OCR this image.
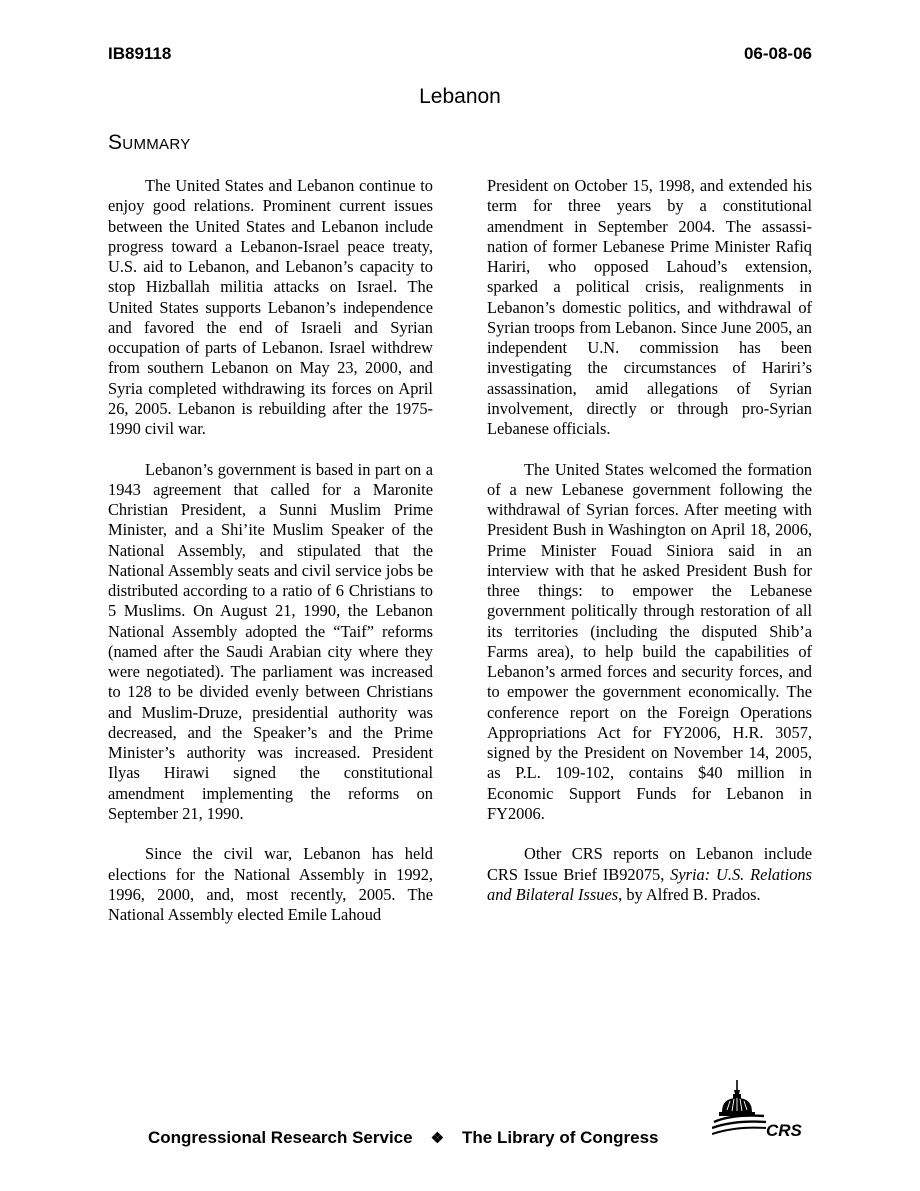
IB89118	06-08-06
Lebanon
Summary

The United States and Lebanon continue to enjoy good relations. Prominent current issues between the United States and Lebanon include progress toward a Lebanon-Israel peace treaty, U.S. aid to Lebanon, and Lebanon’s capacity to stop Hizballah militia attacks on Israel. The United States supports Lebanon’s independence and favored the end of Israeli and Syrian occupation of parts of Lebanon. Israel withdrew from southern Lebanon on May 23, 2000, and Syria completed withdrawing its forces on April 26, 2005. Lebanon is rebuilding after the 1975-1990 civil war.

Lebanon’s government is based in part on a 1943 agreement that called for a Maronite Christian President, a Sunni Muslim Prime Minister, and a Shi’ite Muslim Speaker of the National Assembly, and stipulated that the National Assembly seats and civil service jobs be distributed according to a ratio of 6 Christians to 5 Muslims. On August 21, 1990, the Lebanon National Assembly adopted the “Taif” reforms (named after the Saudi Arabian city where they were negotiated). The parliament was increased to 128 to be divided evenly between Christians and Muslim-Druze, presidential authority was decreased, and the Speaker’s and the Prime Minister’s authority was increased. President Ilyas Hirawi signed the constitutional amendment implementing the reforms on September 21, 1990.

Since the civil war, Lebanon has held elections for the National Assembly in 1992, 1996, 2000, and, most recently, 2005. The National Assembly elected Emile Lahoud

President on October 15, 1998, and extended his term for three years by a constitutional amendment in September 2004. The assassination of former Lebanese Prime Minister Rafiq Hariri, who opposed Lahoud’s extension, sparked a political crisis, realignments in Lebanon’s domestic politics, and withdrawal of Syrian troops from Lebanon. Since June 2005, an independent U.N. commission has been investigating the circumstances of Hariri’s assassination, amid allegations of Syrian involvement, directly or through pro-Syrian Lebanese officials.

The United States welcomed the formation of a new Lebanese government following the withdrawal of Syrian forces. After meeting with President Bush in Washington on April 18, 2006, Prime Minister Fouad Siniora said in an interview with that he asked President Bush for three things: to empower the Lebanese government politically through restoration of all its territories (including the disputed Shib’a Farms area), to help build the capabilities of Lebanon’s armed forces and security forces, and to empower the government economically. The conference report on the Foreign Operations Appropriations Act for FY2006, H.R. 3057, signed by the President on November 14, 2005, as P.L. 109-102, contains $40 million in Economic Support Funds for Lebanon in FY2006.

Other CRS reports on Lebanon include CRS Issue Brief IB92075, Syria: U.S. Relations and Bilateral Issues, by Alfred B. Prados.

Congressional Research Service ❖ The Library of Congress	CRS
